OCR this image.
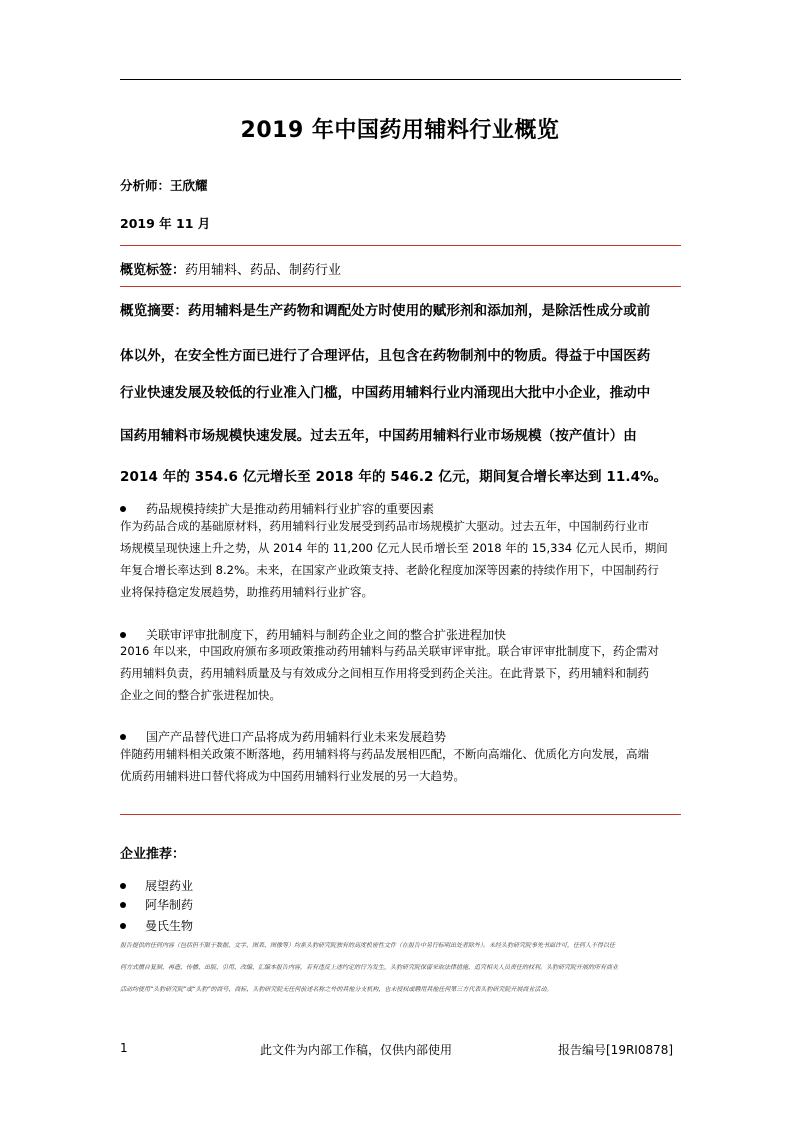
2019 年中国药用辅料行业概览
分析师：王欣耀
2019 年 11 月
概览标签：药用辅料、药品、制药行业
概览摘要：药用辅料是生产药物和调配处方时使用的赋形剂和添加剂，是除活性成分或前
体以外，在安全性方面已进行了合理评估，且包含在药物制剂中的物质。得益于中国医药
行业快速发展及较低的行业准入门槛，中国药用辅料行业内涌现出大批中小企业，推动中
国药用辅料市场规模快速发展。过去五年，中国药用辅料行业市场规模（按产值计）由
2014 年的 354.6 亿元增长至 2018 年的 546.2 亿元，期间复合增长率达到 11.4%。
药品规模持续扩大是推动药用辅料行业扩容的重要因素
作为药品合成的基础原材料，药用辅料行业发展受到药品市场规模扩大驱动。过去五年，中国制药行业市
场规模呈现快速上升之势，从 2014 年的 11,200 亿元人民币增长至 2018 年的 15,334 亿元人民币，期间
年复合增长率达到 8.2%。未来，在国家产业政策支持、老龄化程度加深等因素的持续作用下，中国制药行
业将保持稳定发展趋势，助推药用辅料行业扩容。
关联审评审批制度下，药用辅料与制药企业之间的整合扩张进程加快
2016 年以来，中国政府颁布多项政策推动药用辅料与药品关联审评审批。联合审评审批制度下，药企需对
药用辅料负责，药用辅料质量及与有效成分之间相互作用将受到药企关注。在此背景下，药用辅料和制药
企业之间的整合扩张进程加快。
国产产品替代进口产品将成为药用辅料行业未来发展趋势
伴随药用辅料相关政策不断落地，药用辅料将与药品发展相匹配，不断向高端化、优质化方向发展，高端
优质药用辅料进口替代将成为中国药用辅料行业发展的另一大趋势。
企业推荐：
展望药业
阿华制药
曼氏生物
报告提供的任何内容（包括但不限于数据、文字、图表、图像等）均系头豹研究院独有的高度机密性文件（在报告中另行标明出处者除外）。未经头豹研究院事先书面许可，任何人不得以任
何方式擅自复制、再造、传播、出版、引用、改编、汇编本报告内容，若有违反上述约定的行为发生，头豹研究院保留采取法律措施、追究相关人员责任的权利。头豹研究院开展的所有商业
活动均使用“头豹研究院”或“头豹”的商号、商标，头豹研究院无任何前述名称之外的其他分支机构，也未授权或聘用其他任何第三方代表头豹研究院开展商业活动。
1	此文件为内部工作稿，仅供内部使用	报告编号[19RI0878]
